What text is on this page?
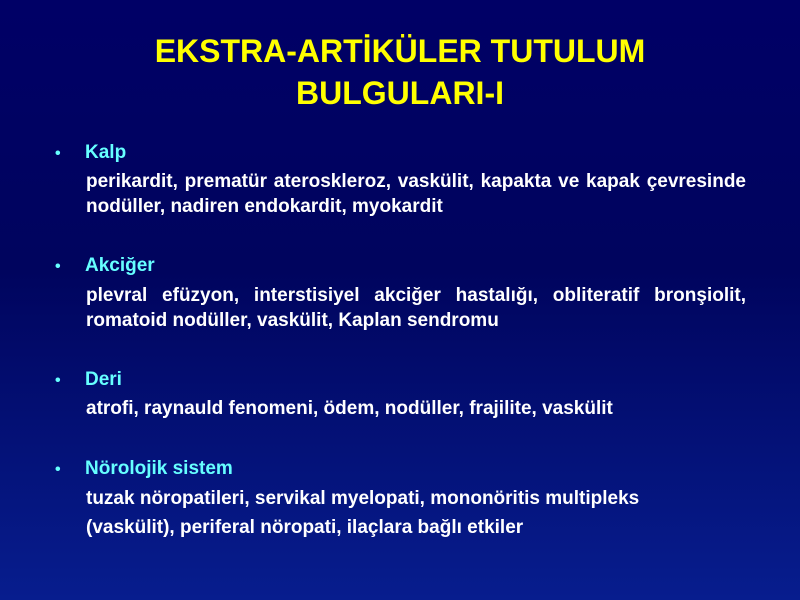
EKSTRA-ARTİKÜLER TUTULUM
BULGULARI-I
• Kalp
perikardit, prematür ateroskleroz, vaskülit, kapakta ve kapak çevresinde nodüller, nadiren endokardit, myokardit
• Akciğer
plevral efüzyon, interstisiyel akciğer hastalığı, obliteratif bronşiolit, romatoid nodüller, vaskülit, Kaplan sendromu
• Deri
atrofi, raynauld fenomeni, ödem, nodüller, frajilite, vaskülit
• Nörolojik sistem
tuzak nöropatileri, servikal myelopati, mononöritis multipleks
(vaskülit), periferal nöropati, ilaçlara bağlı etkiler
